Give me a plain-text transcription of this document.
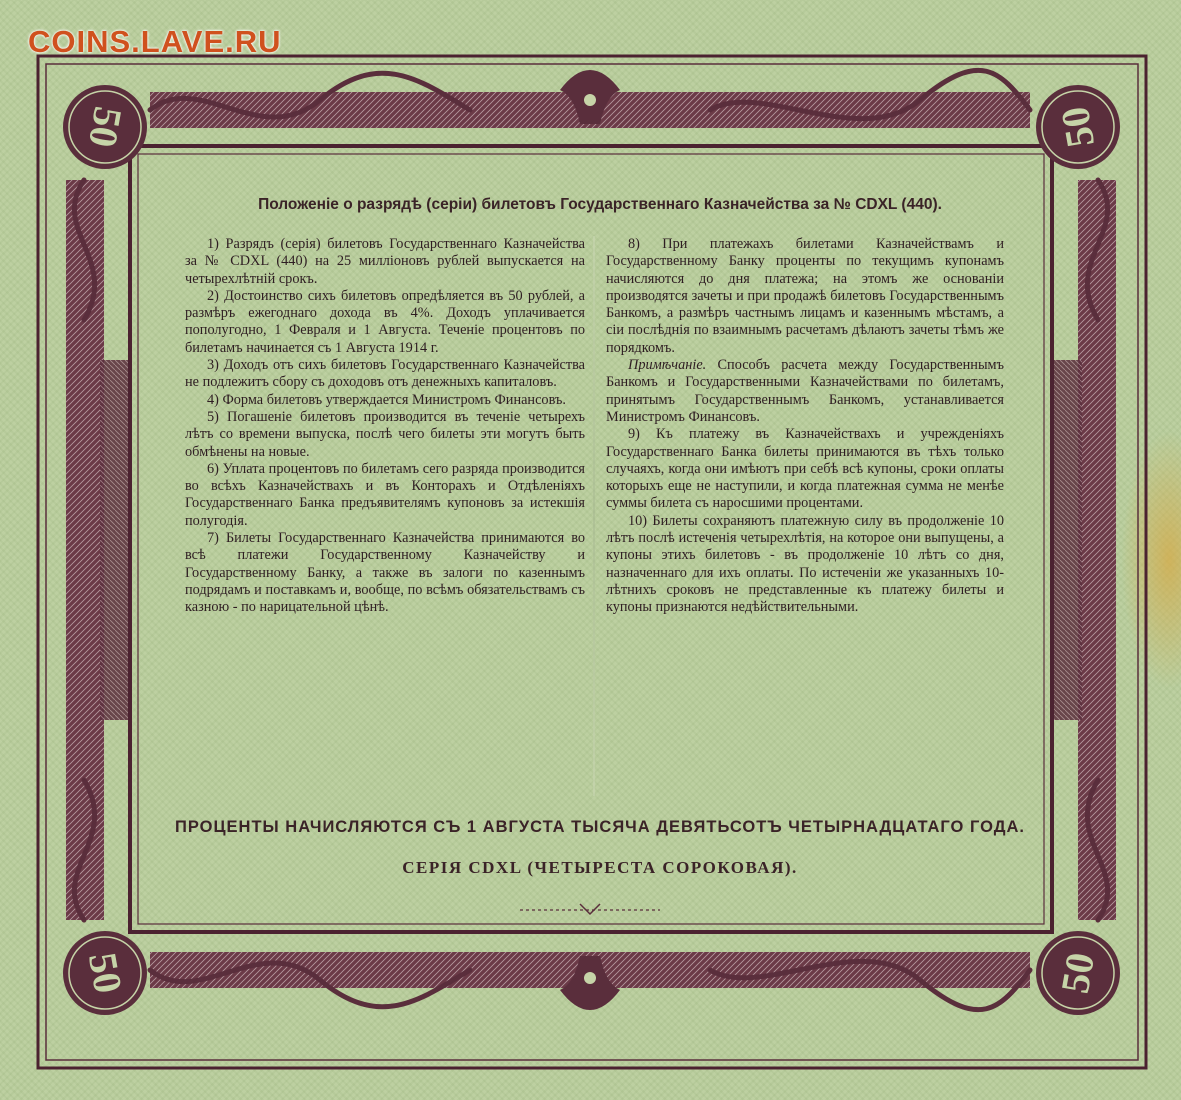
COINS.LAVE.RU
50	50
50	50
Положеніе о разрядѣ (серіи) билетовъ Государственнаго Казначейства за № CDXL (440).

1) Разрядъ (серія) билетовъ Государственнаго Казначейства за № CDXL (440) на 25 милліоновъ рублей выпускается на четырехлѣтній срокъ.

2) Достоинство сихъ билетовъ опредѣляется въ 50 рублей, а размѣръ ежегоднаго дохода въ 4%. Доходъ уплачивается пополугодно, 1 Февраля и 1 Августа. Теченіе процентовъ по билетамъ начинается съ 1 Августа 1914 г.

3) Доходъ отъ сихъ билетовъ Государственнаго Казначейства не подлежитъ сбору съ доходовъ отъ денежныхъ капиталовъ.

4) Форма билетовъ утверждается Министромъ Финансовъ.

5) Погашеніе билетовъ производится въ теченіе четырехъ лѣтъ со времени выпуска, послѣ чего билеты эти могутъ быть обмѣнены на новые.

6) Уплата процентовъ по билетамъ сего разряда производится во всѣхъ Казначействахъ и въ Конторахъ и Отдѣленіяхъ Государственнаго Банка предъявителямъ купоновъ за истекшія полугодія.

7) Билеты Государственнаго Казначейства принимаются во всѣ платежи Государственному Казначейству и Государственному Банку, а также въ залоги по казеннымъ подрядамъ и поставкамъ и, вообще, по всѣмъ обязательствамъ съ казною - по нарицательной цѣнѣ.

8) При платежахъ билетами Казначействамъ и Государственному Банку проценты по текущимъ купонамъ начисляются до дня платежа; на этомъ же основаніи производятся зачеты и при продажѣ билетовъ Государственнымъ Банкомъ, а размѣръ частнымъ лицамъ и казеннымъ мѣстамъ, а сіи послѣднія по взаимнымъ расчетамъ дѣлаютъ зачеты тѣмъ же порядкомъ.

Примѣчаніе. Способъ расчета между Государственнымъ Банкомъ и Государственными Казначействами по билетамъ, принятымъ Государственнымъ Банкомъ, устанавливается Министромъ Финансовъ.

9) Къ платежу въ Казначействахъ и учрежденіяхъ Государственнаго Банка билеты принимаются въ тѣхъ только случаяхъ, когда они имѣютъ при себѣ всѣ купоны, сроки оплаты которыхъ еще не наступили, и когда платежная сумма не менѣе суммы билета съ наросшими процентами.

10) Билеты сохраняютъ платежную силу въ продолженіе 10 лѣтъ послѣ истеченія четырехлѣтія, на которое они выпущены, а купоны этихъ билетовъ - въ продолженіе 10 лѣтъ со дня, назначеннаго для ихъ оплаты. По истеченіи же указанныхъ 10-лѣтнихъ сроковъ не представленные къ платежу билеты и купоны признаются недѣйствительными.

ПРОЦЕНТЫ НАЧИСЛЯЮТСЯ СЪ 1 АВГУСТА ТЫСЯЧА ДЕВЯТЬСОТЪ ЧЕТЫРНАДЦАТАГО ГОДА.
СЕРІЯ CDXL (ЧЕТЫРЕСТА СОРОКОВАЯ).
